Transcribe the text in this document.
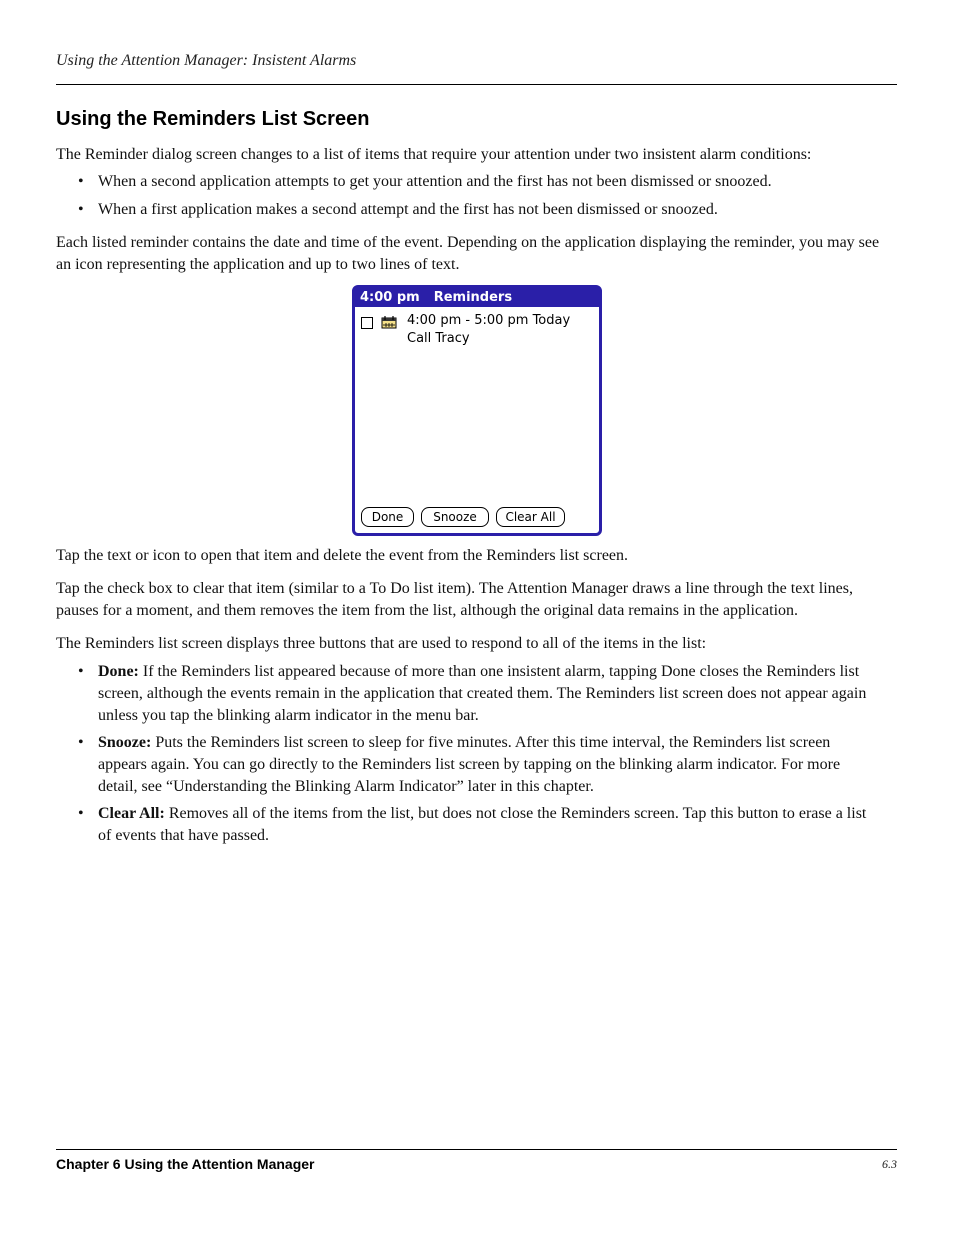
Using the Attention Manager: Insistent Alarms
Using the Reminders List Screen

The Reminder dialog screen changes to a list of items that require your attention under two insistent alarm conditions:

• When a second application attempts to get your attention and the first has not been dismissed or snoozed.
• When a first application makes a second attempt and the first has not been dismissed or snoozed.

Each listed reminder contains the date and time of the event. Depending on the application displaying the reminder, you may see an icon representing the application and up to two lines of text.

4:00 pm Reminders
4:00 pm - 5:00 pm Today
Call Tracy
Done	Snooze	Clear All

Tap the text or icon to open that item and delete the event from the Reminders list screen.

Tap the check box to clear that item (similar to a To Do list item). The Attention Manager draws a line through the text lines, pauses for a moment, and them removes the item from the list, although the original data remains in the application.

The Reminders list screen displays three buttons that are used to respond to all of the items in the list:

• Done: If the Reminders list appeared because of more than one insistent alarm, tapping Done closes the Reminders list screen, although the events remain in the application that created them. The Reminders list screen does not appear again unless you tap the blinking alarm indicator in the menu bar.
• Snooze: Puts the Reminders list screen to sleep for five minutes. After this time interval, the Reminders list screen appears again. You can go directly to the Reminders list screen by tapping on the blinking alarm indicator. For more detail, see “Understanding the Blinking Alarm Indicator” later in this chapter.
• Clear All: Removes all of the items from the list, but does not close the Reminders screen. Tap this button to erase a list of events that have passed.
Chapter 6 Using the Attention Manager	6.3
